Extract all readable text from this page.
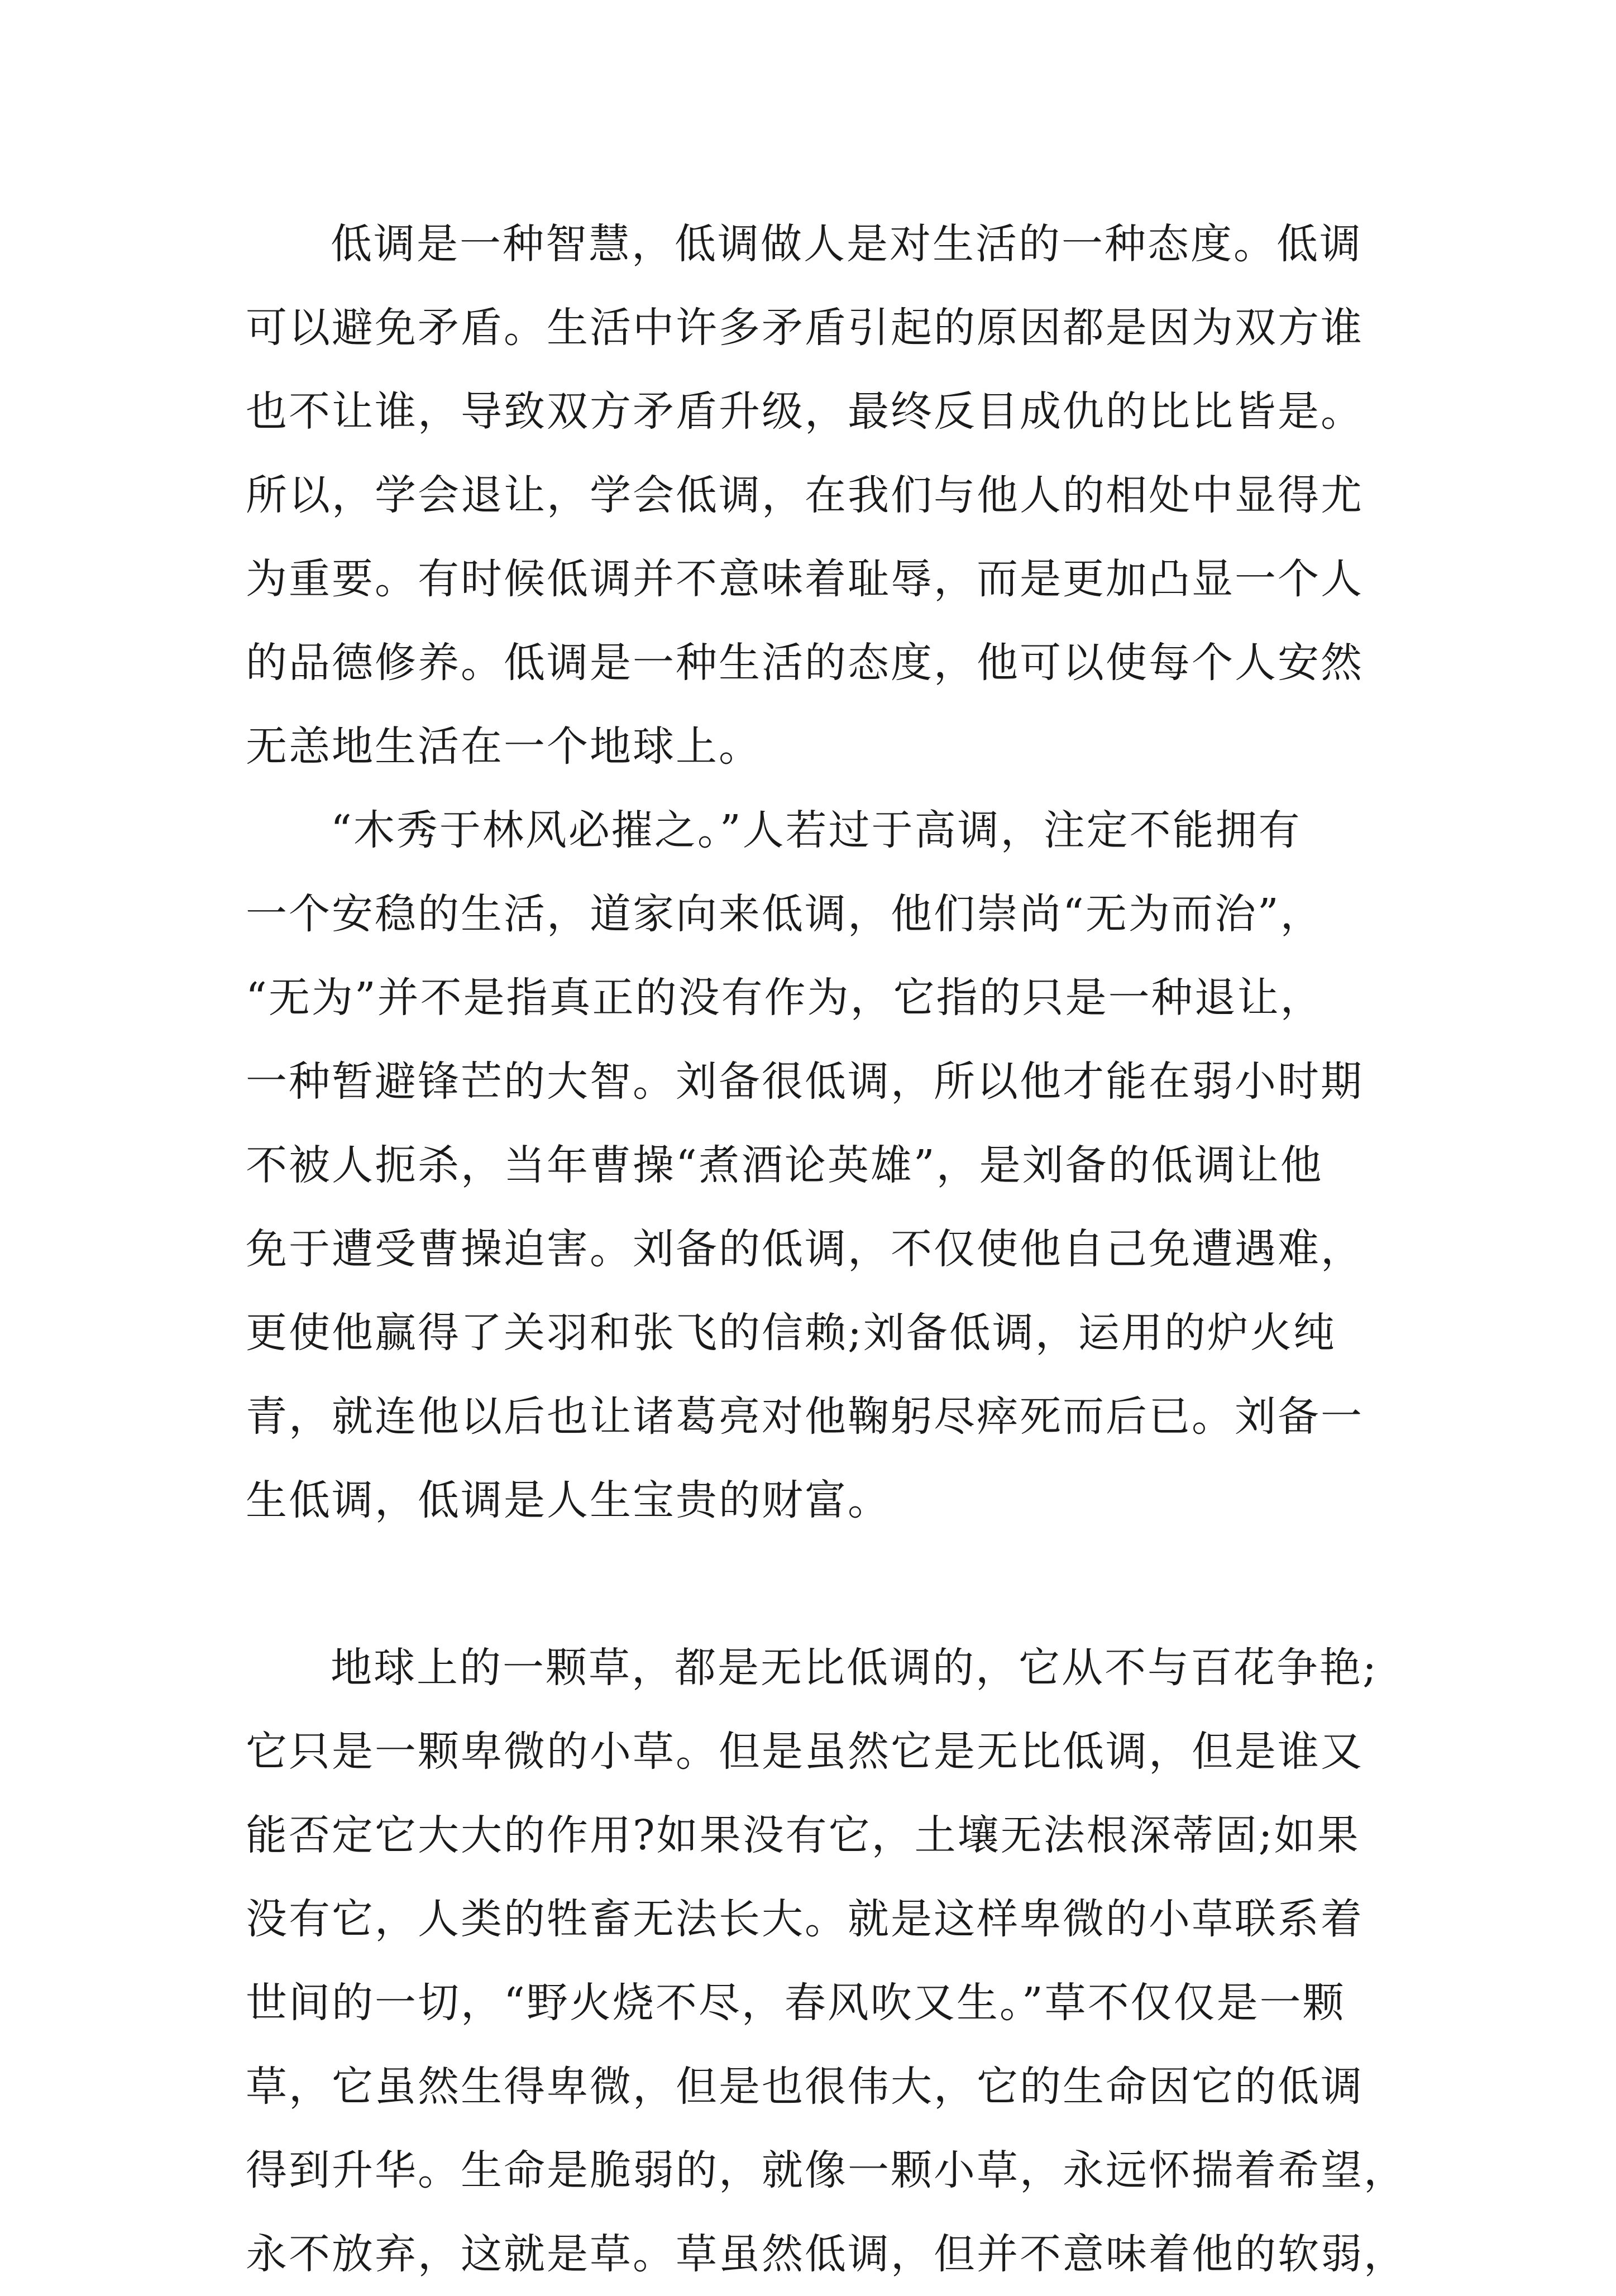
低调是一种智慧，低调做人是对生活的一种态度。低调
可以避免矛盾。生活中许多矛盾引起的原因都是因为双方谁
也不让谁，导致双方矛盾升级，最终反目成仇的比比皆是。
所以，学会退让，学会低调，在我们与他人的相处中显得尤
为重要。有时候低调并不意味着耻辱，而是更加凸显一个人
的品德修养。低调是一种生活的态度，他可以使每个人安然
无恙地生活在一个地球上。
“木秀于林风必摧之。”人若过于高调，注定不能拥有
一个安稳的生活，道家向来低调，他们崇尚“无为而治”，
“无为”并不是指真正的没有作为，它指的只是一种退让，
一种暂避锋芒的大智。刘备很低调，所以他才能在弱小时期
不被人扼杀，当年曹操“煮酒论英雄”，是刘备的低调让他
免于遭受曹操迫害。刘备的低调，不仅使他自己免遭遇难，
更使他赢得了关羽和张飞的信赖;刘备低调，运用的炉火纯
青，就连他以后也让诸葛亮对他鞠躬尽瘁死而后已。刘备一
生低调，低调是人生宝贵的财富。
地球上的一颗草，都是无比低调的，它从不与百花争艳;
它只是一颗卑微的小草。但是虽然它是无比低调，但是谁又
能否定它大大的作用?如果没有它，土壤无法根深蒂固;如果
没有它，人类的牲畜无法长大。就是这样卑微的小草联系着
世间的一切，“野火烧不尽，春风吹又生。”草不仅仅是一颗
草，它虽然生得卑微，但是也很伟大，它的生命因它的低调
得到升华。生命是脆弱的，就像一颗小草，永远怀揣着希望，
永不放弃，这就是草。草虽然低调，但并不意味着他的软弱，
